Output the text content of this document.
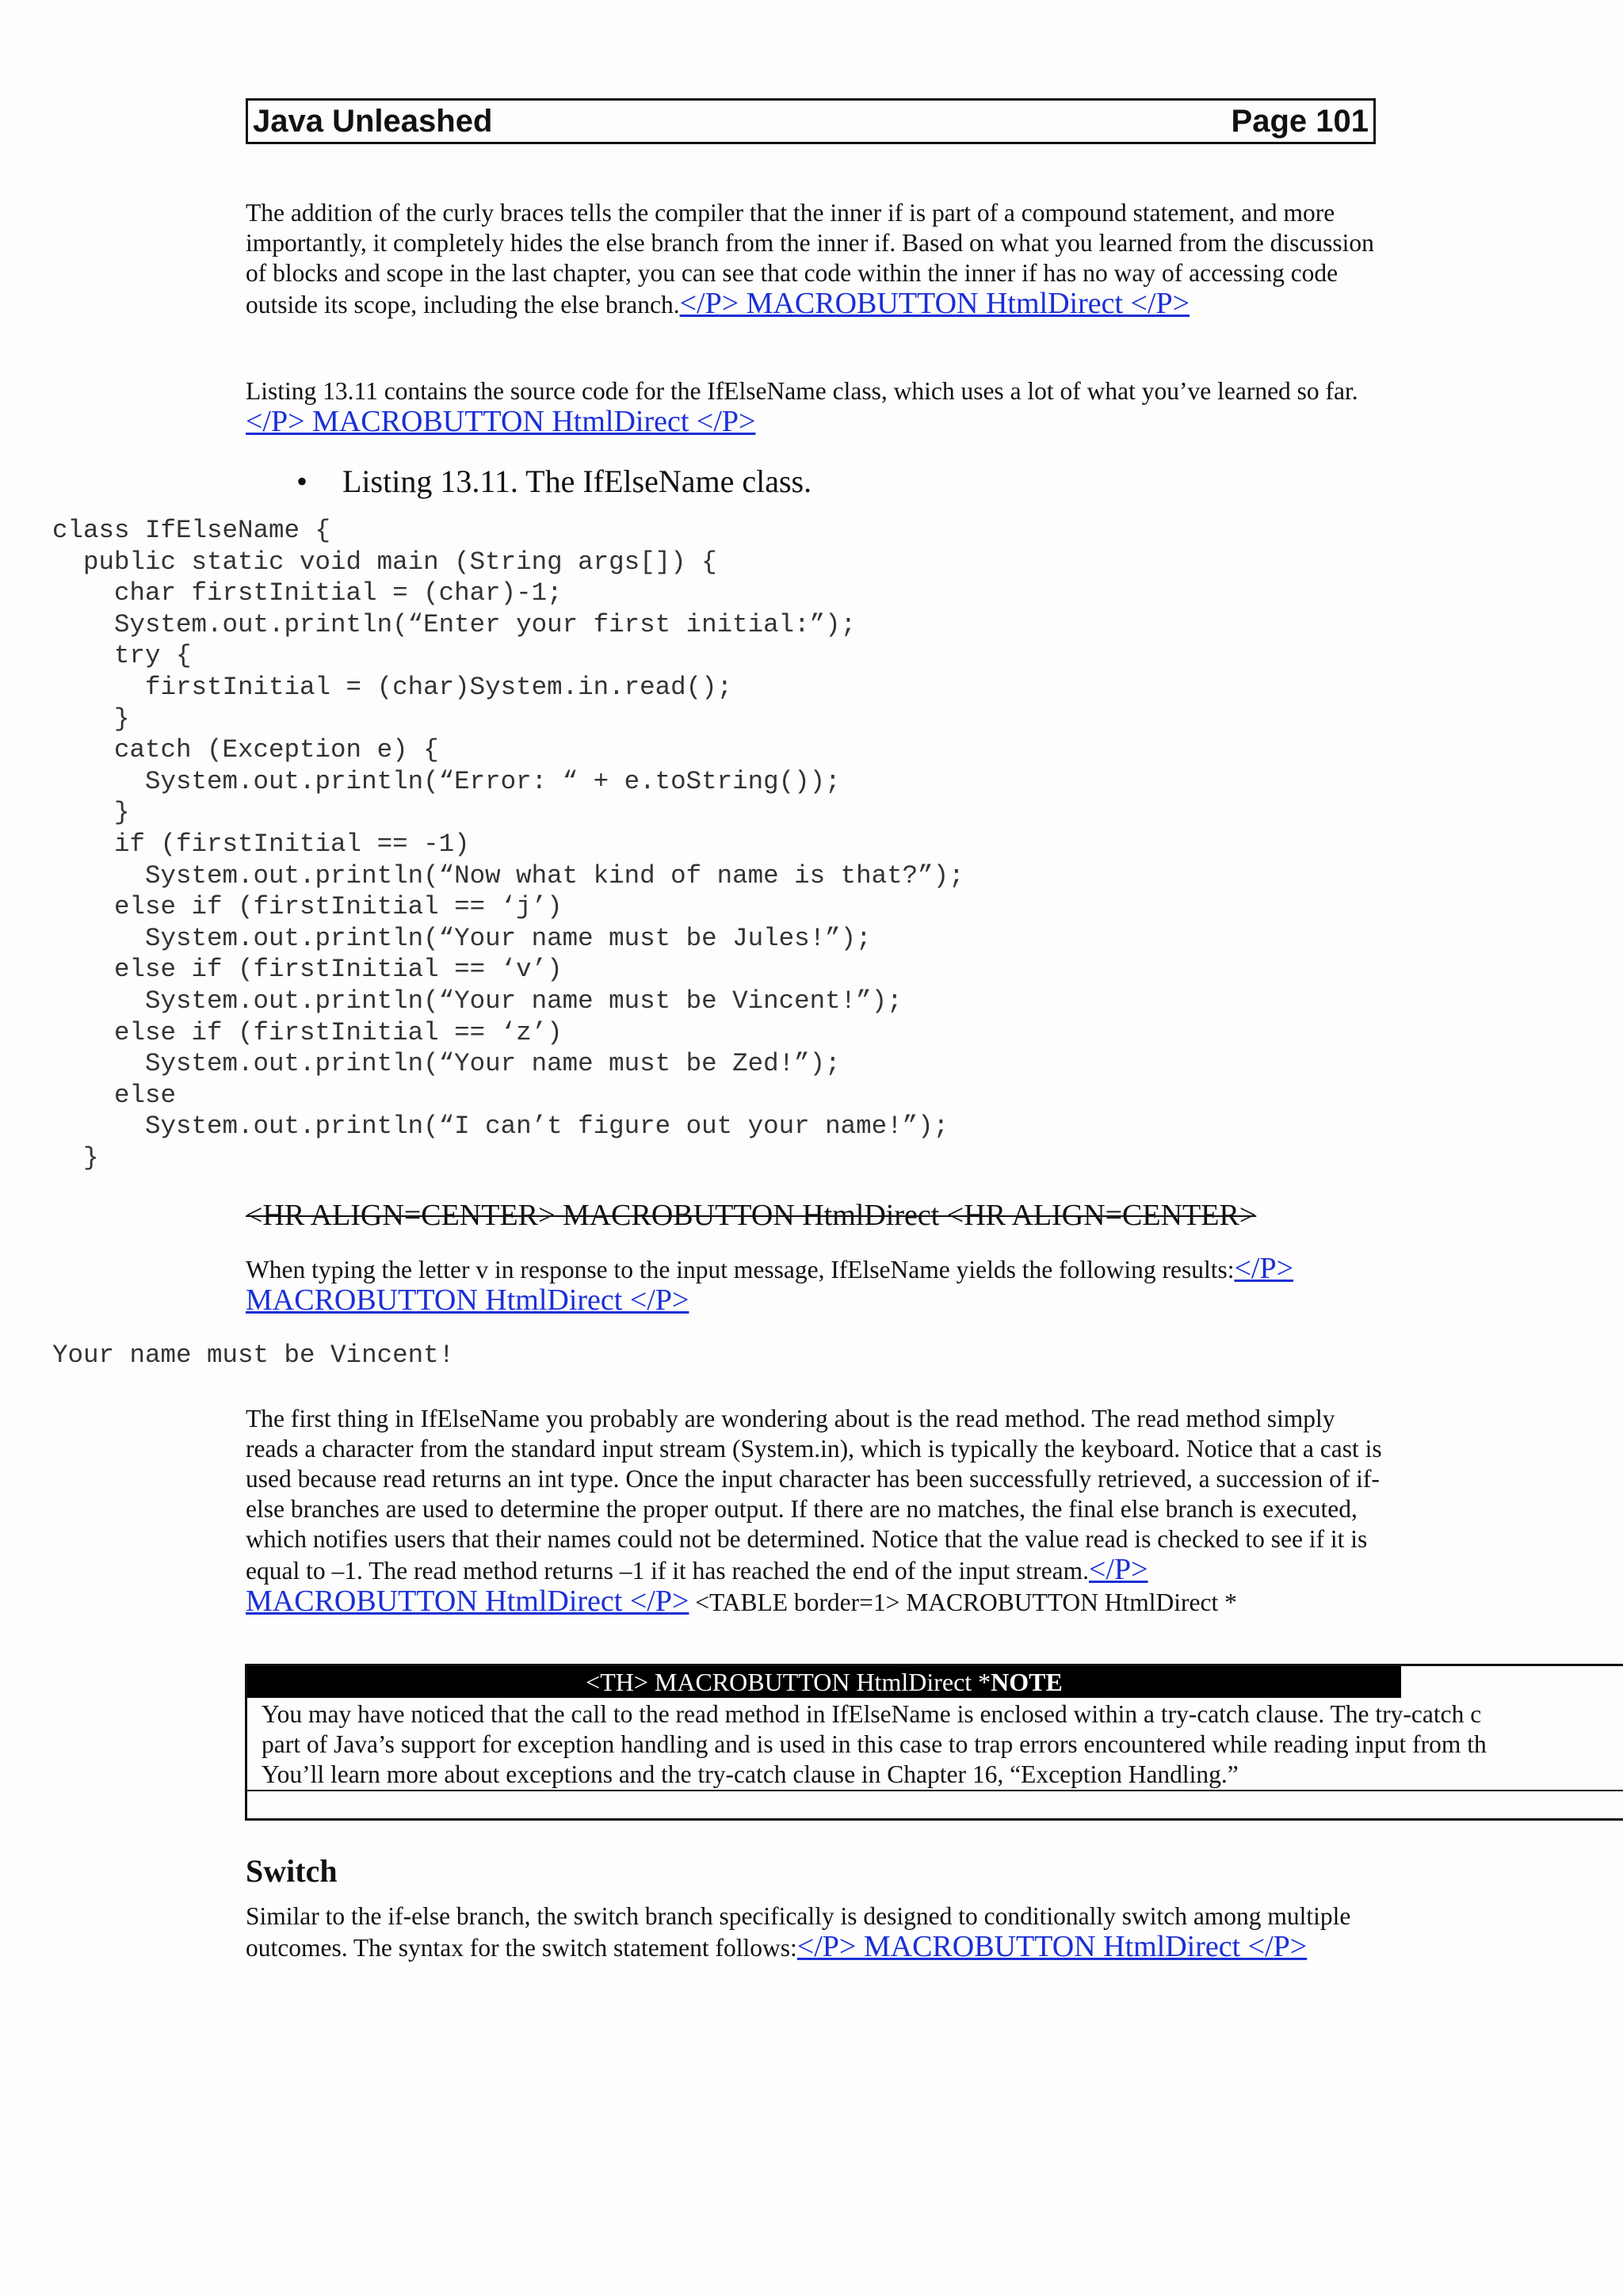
Java Unleashed	Page 101

The addition of the curly braces tells the compiler that the inner if is part of a compound statement, and more importantly, it completely hides the else branch from the inner if. Based on what you learned from the discussion of blocks and scope in the last chapter, you can see that code within the inner if has no way of accessing code outside its scope, including the else branch.</P> MACROBUTTON HtmlDirect </P>

Listing 13.11 contains the source code for the IfElseName class, which uses a lot of what you’ve learned so far.</P> MACROBUTTON HtmlDirect </P>

• Listing 13.11. The IfElseName class.
class IfElseName {
public static void main (String args[]) {
char firstInitial = (char)-1;
System.out.println(“Enter your first initial:”);
try {
firstInitial = (char)System.in.read();
}
catch (Exception e) {
System.out.println(“Error: “ + e.toString());
}
if (firstInitial == -1)
System.out.println(“Now what kind of name is that?”);
else if (firstInitial == ‘j’)
System.out.println(“Your name must be Jules!”);
else if (firstInitial == ‘v’)
System.out.println(“Your name must be Vincent!”);
else if (firstInitial == ‘z’)
System.out.println(“Your name must be Zed!”);
else
System.out.println(“I can’t figure out your name!”);
}
<HR ALIGN=CENTER> MACROBUTTON HtmlDirect <HR ALIGN=CENTER>

When typing the letter v in response to the input message, IfElseName yields the following results:</P> MACROBUTTON HtmlDirect </P>

Your name must be Vincent!

The first thing in IfElseName you probably are wondering about is the read method. The read method simply reads a character from the standard input stream (System.in), which is typically the keyboard. Notice that a cast is used because read returns an int type. Once the input character has been successfully retrieved, a succession of if-else branches are used to determine the proper output. If there are no matches, the final else branch is executed, which notifies users that their names could not be determined. Notice that the value read is checked to see if it is equal to –1. The read method returns –1 if it has reached the end of the input stream.</P> MACROBUTTON HtmlDirect </P> <TABLE border=1> MACROBUTTON HtmlDirect *

<TH> MACROBUTTON HtmlDirect *NOTE
You may have noticed that the call to the read method in IfElseName is enclosed within a try-catch clause. The try-catch c
part of Java’s support for exception handling and is used in this case to trap errors encountered while reading input from th
You’ll learn more about exceptions and the try-catch clause in Chapter 16, “Exception Handling.”
Switch

Similar to the if-else branch, the switch branch specifically is designed to conditionally switch among multiple outcomes. The syntax for the switch statement follows:</P> MACROBUTTON HtmlDirect </P>
